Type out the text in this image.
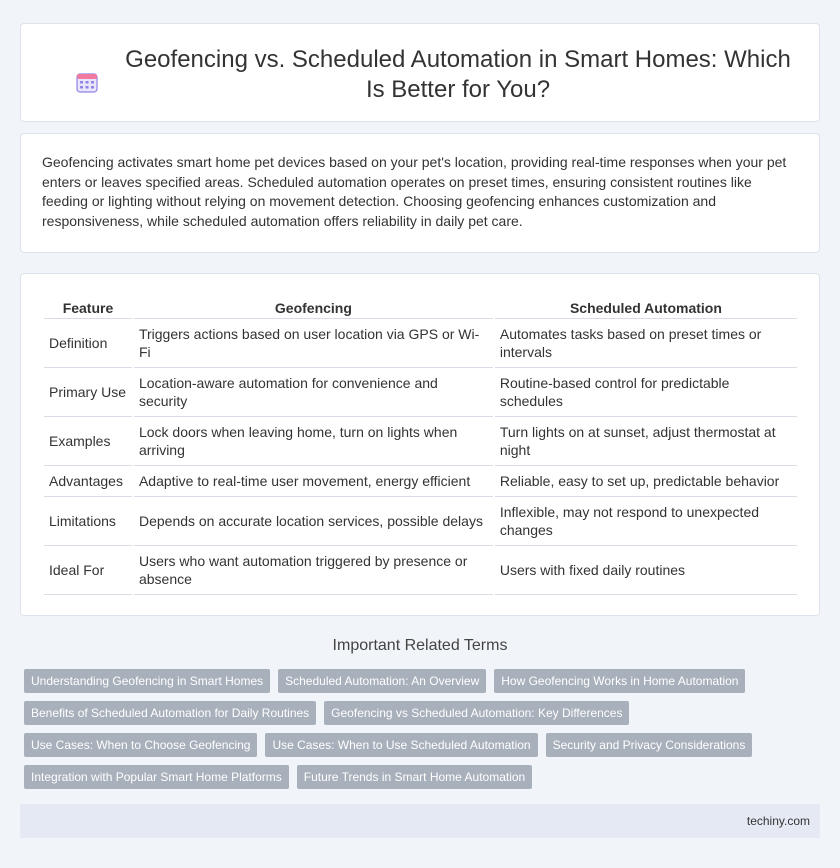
Geofencing vs. Scheduled Automation in Smart Homes: Which Is Better for You?

Geofencing activates smart home pet devices based on your pet's location, providing real-time responses when your pet enters or leaves specified areas. Scheduled automation operates on preset times, ensuring consistent routines like feeding or lighting without relying on movement detection. Choosing geofencing enhances customization and responsiveness, while scheduled automation offers reliability in daily pet care.

Feature	Geofencing	Scheduled Automation
Definition	Triggers actions based on user location via GPS or Wi-Fi	Automates tasks based on preset times or intervals
Primary Use	Location-aware automation for convenience and security	Routine-based control for predictable schedules
Examples	Lock doors when leaving home, turn on lights when arriving	Turn lights on at sunset, adjust thermostat at night
Advantages	Adaptive to real-time user movement, energy efficient	Reliable, easy to set up, predictable behavior
Limitations	Depends on accurate location services, possible delays	Inflexible, may not respond to unexpected changes
Ideal For	Users who want automation triggered by presence or absence	Users with fixed daily routines
Important Related Terms
Understanding Geofencing in Smart Homes	Scheduled Automation: An Overview	How Geofencing Works in Home Automation
Benefits of Scheduled Automation for Daily Routines	Geofencing vs Scheduled Automation: Key Differences
Use Cases: When to Choose Geofencing	Use Cases: When to Use Scheduled Automation	Security and Privacy Considerations
Integration with Popular Smart Home Platforms	Future Trends in Smart Home Automation
techiny.com
